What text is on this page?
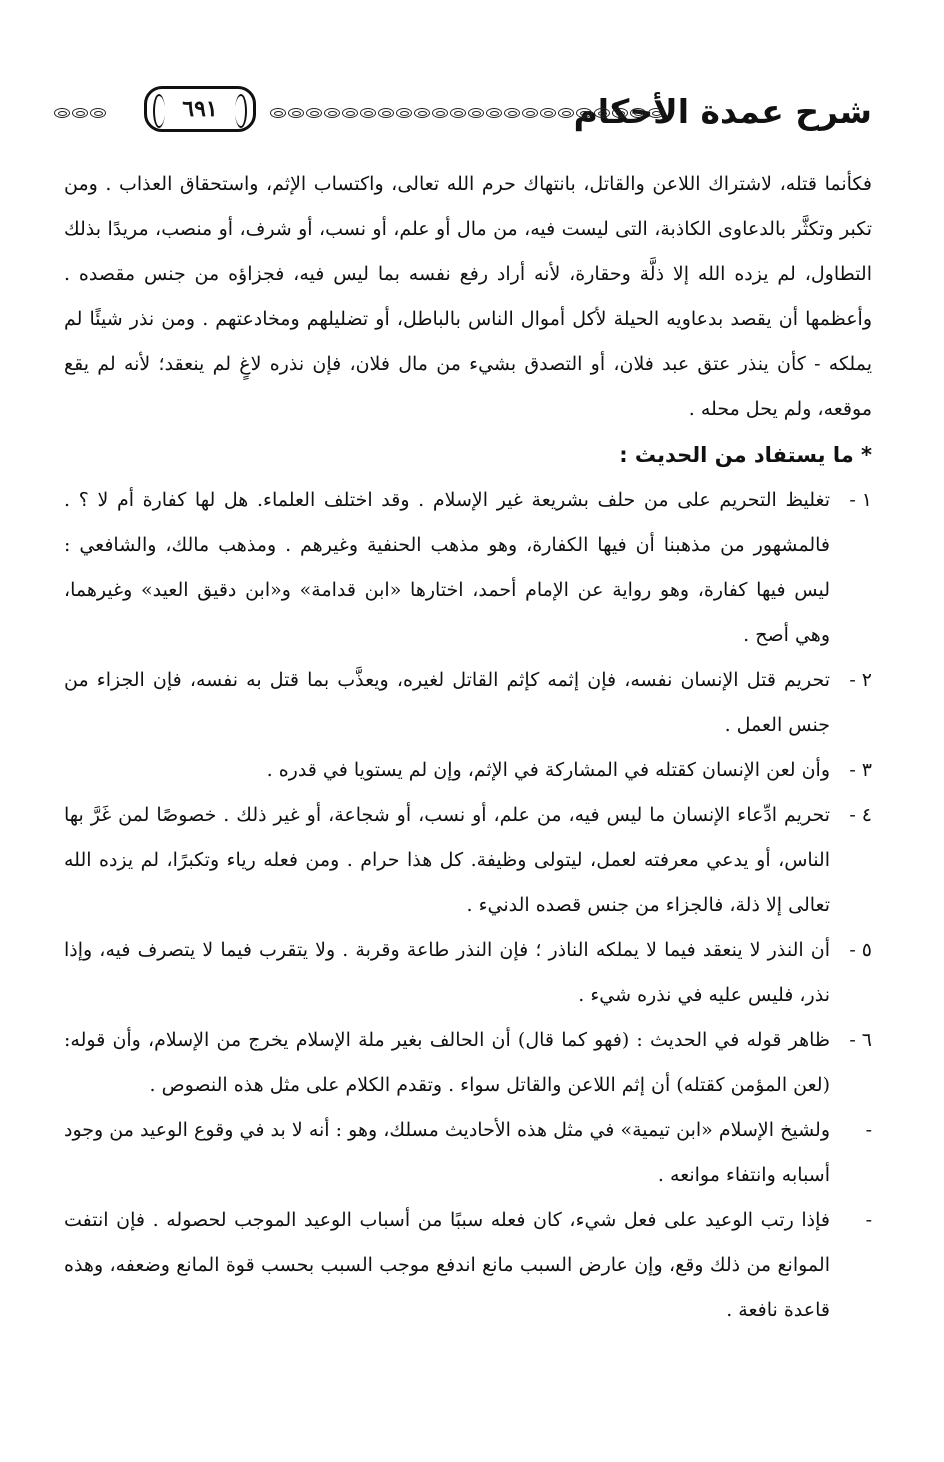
شرح عمدة الأحكام
٦٩١

فكأنما قتله، لاشتراك اللاعن والقاتل، بانتهاك حرم الله تعالى، واكتساب الإثم، واستحقاق العذاب . ومن تكبر وتكثَّر بالدعاوى الكاذبة، التى ليست فيه، من مال أو علم، أو نسب، أو شرف، أو منصب، مريدًا بذلك التطاول، لم يزده الله إلا ذلَّة وحقارة، لأنه أراد رفع نفسه بما ليس فيه، فجزاؤه من جنس مقصده . وأعظمها أن يقصد بدعاويه الحيلة لأكل أموال الناس بالباطل، أو تضليلهم ومخادعتهم . ومن نذر شيئًا لم يملكه - كأن ينذر عتق عبد فلان، أو التصدق بشيء من مال فلان، فإن نذره لاغٍ لم ينعقد؛ لأنه لم يقع موقعه، ولم يحل محله .

* ما يستفاد من الحديث :

١ -
تغليظ التحريم على من حلف بشريعة غير الإسلام . وقد اختلف العلماء. هل لها كفارة أم لا ؟ . فالمشهور من مذهبنا أن فيها الكفارة، وهو مذهب الحنفية وغيرهم . ومذهب مالك، والشافعي : ليس فيها كفارة، وهو رواية عن الإمام أحمد، اختارها «ابن قدامة» و«ابن دقيق العيد» وغيرهما، وهي أصح .

٢ -
تحريم قتل الإنسان نفسه، فإن إثمه كإثم القاتل لغيره، ويعذَّب بما قتل به نفسه، فإن الجزاء من جنس العمل .

٣ -
وأن لعن الإنسان كقتله في المشاركة في الإثم، وإن لم يستويا في قدره .

٤ -
تحريم ادِّعاء الإنسان ما ليس فيه، من علم، أو نسب، أو شجاعة، أو غير ذلك . خصوصًا لمن غَرَّ بها الناس، أو يدعي معرفته لعمل، ليتولى وظيفة. كل هذا حرام . ومن فعله رياء وتكبرًا، لم يزده الله تعالى إلا ذلة، فالجزاء من جنس قصده الدنيء .

٥ -
أن النذر لا ينعقد فيما لا يملكه الناذر ؛ فإن النذر طاعة وقربة . ولا يتقرب فيما لا يتصرف فيه، وإذا نذر، فليس عليه في نذره شيء .

٦ -
ظاهر قوله في الحديث : (فهو كما قال) أن الحالف بغير ملة الإسلام يخرج من الإسلام، وأن قوله: (لعن المؤمن كقتله) أن إثم اللاعن والقاتل سواء . وتقدم الكلام على مثل هذه النصوص .

-
ولشيخ الإسلام «ابن تيمية» في مثل هذه الأحاديث مسلك، وهو : أنه لا بد في وقوع الوعيد من وجود أسبابه وانتفاء موانعه .

-
فإذا رتب الوعيد على فعل شيء، كان فعله سببًا من أسباب الوعيد الموجب لحصوله . فإن انتفت الموانع من ذلك وقع، وإن عارض السبب مانع اندفع موجب السبب بحسب قوة المانع وضعفه، وهذه قاعدة نافعة .
